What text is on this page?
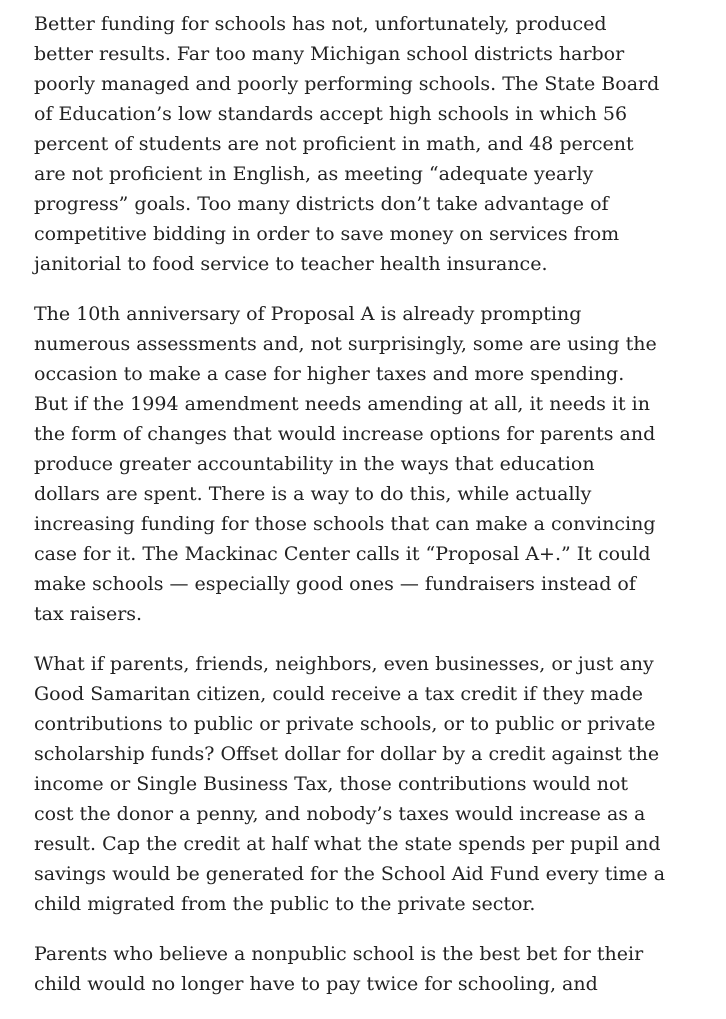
Better funding for schools has not, unfortunately, produced
better results. Far too many Michigan school districts harbor
poorly managed and poorly performing schools. The State Board
of Education’s low standards accept high schools in which 56
percent of students are not proficient in math, and 48 percent
are not proficient in English, as meeting “adequate yearly
progress” goals. Too many districts don’t take advantage of
competitive bidding in order to save money on services from
janitorial to food service to teacher health insurance.

The 10th anniversary of Proposal A is already prompting
numerous assessments and, not surprisingly, some are using the
occasion to make a case for higher taxes and more spending.
But if the 1994 amendment needs amending at all, it needs it in
the form of changes that would increase options for parents and
produce greater accountability in the ways that education
dollars are spent. There is a way to do this, while actually
increasing funding for those schools that can make a convincing
case for it. The Mackinac Center calls it “Proposal A+.” It could
make schools — especially good ones — fundraisers instead of
tax raisers.

What if parents, friends, neighbors, even businesses, or just any
Good Samaritan citizen, could receive a tax credit if they made
contributions to public or private schools, or to public or private
scholarship funds? Offset dollar for dollar by a credit against the
income or Single Business Tax, those contributions would not
cost the donor a penny, and nobody’s taxes would increase as a
result. Cap the credit at half what the state spends per pupil and
savings would be generated for the School Aid Fund every time a
child migrated from the public to the private sector.

Parents who believe a nonpublic school is the best bet for their
child would no longer have to pay twice for schooling, and
